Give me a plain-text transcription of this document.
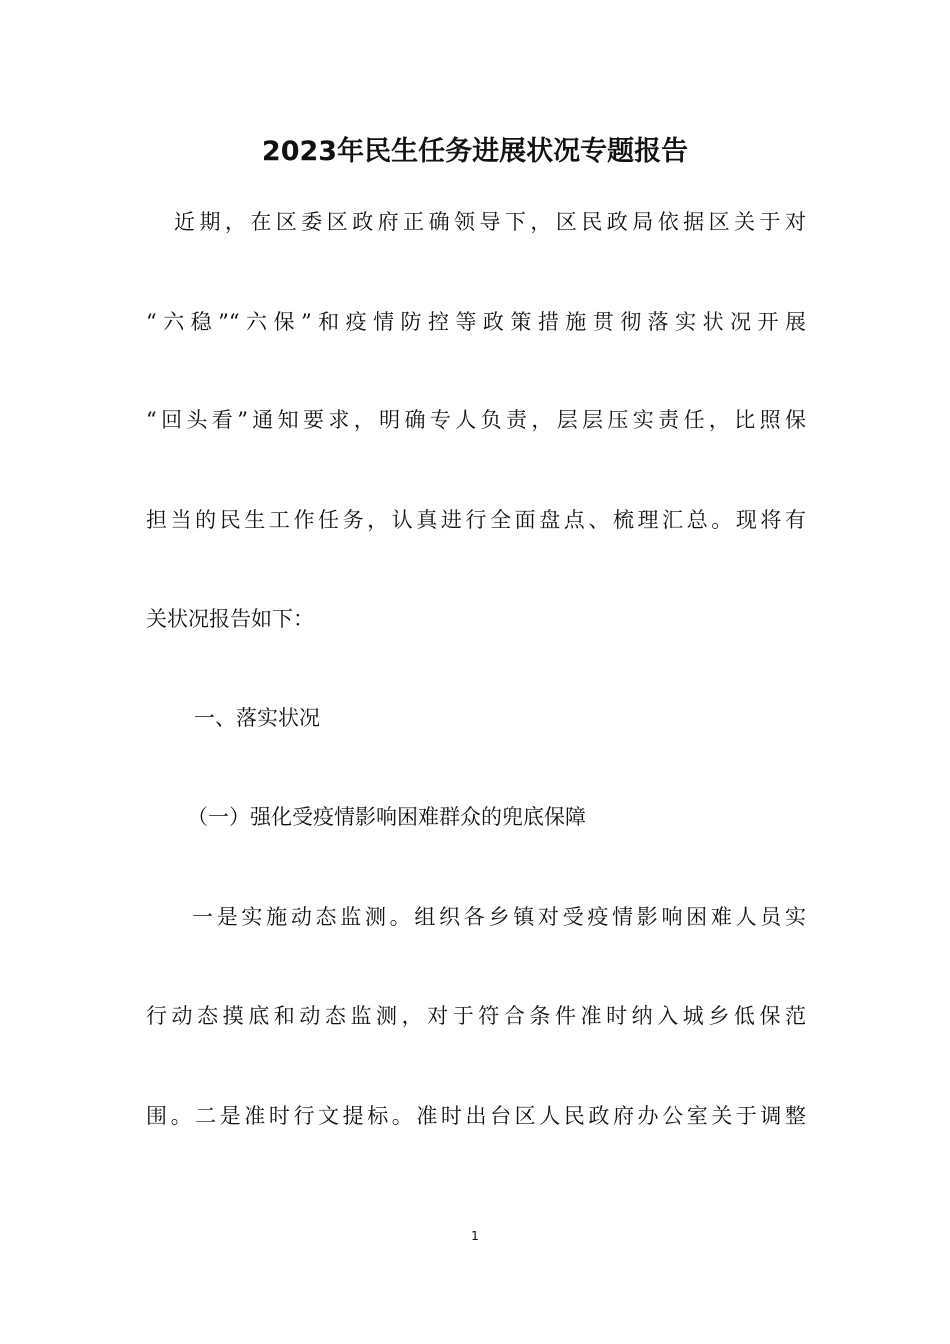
2023年民生任务进展状况专题报告
近期，在区委区政府正确领导下，区民政局依据区关于对
“六稳”“六保”和疫情防控等政策措施贯彻落实状况开展
“回头看”通知要求，明确专人负责，层层压实责任，比照保
担当的民生工作任务，认真进行全面盘点、梳理汇总。现将有
关状况报告如下：
一、落实状况
（一）强化受疫情影响困难群众的兜底保障
一是实施动态监测。组织各乡镇对受疫情影响困难人员实
行动态摸底和动态监测，对于符合条件准时纳入城乡低保范
围。二是准时行文提标。准时出台区人民政府办公室关于调整
1
